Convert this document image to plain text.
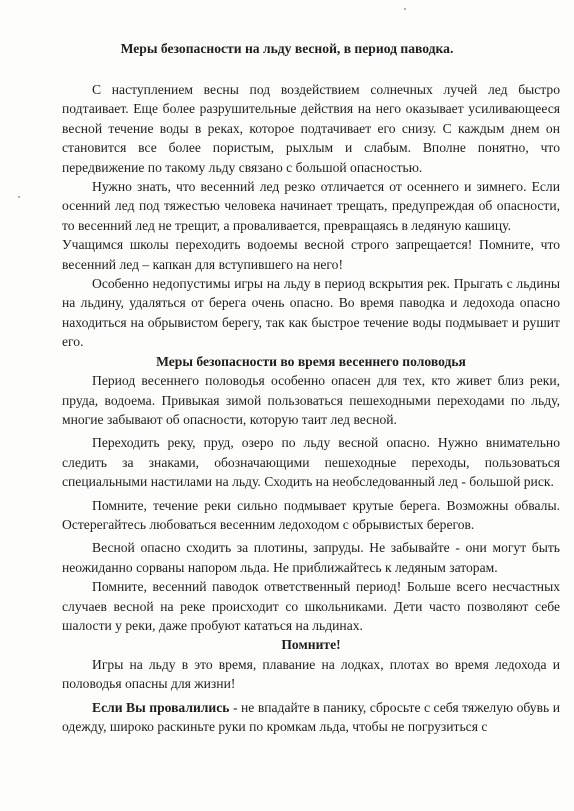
Меры безопасности на льду весной, в период паводка.

С наступлением весны под воздействием солнечных лучей лед быстро подтаивает. Еще более разрушительные действия на него оказывает усиливающееся весной течение воды в реках, которое подтачивает его снизу. С каждым днем он становится все более пористым, рыхлым и слабым. Вполне понятно, что передвижение по такому льду связано с большой опасностью.

Нужно знать, что весенний лед резко отличается от осеннего и зимнего. Если осенний лед под тяжестью человека начинает трещать, предупреждая об опасности, то весенний лед не трещит, а проваливается, превращаясь в ледяную кашицу.

Учащимся школы переходить водоемы весной строго запрещается! Помните, что весенний лед – капкан для вступившего на него!

Особенно недопустимы игры на льду в период вскрытия рек. Прыгать с льдины на льдину, удаляться от берега очень опасно. Во время паводка и ледохода опасно находиться на обрывистом берегу, так как быстрое течение воды подмывает и рушит его.

Меры безопасности во время весеннего половодья

Период весеннего половодья особенно опасен для тех, кто живет близ реки, пруда, водоема. Привыкая зимой пользоваться пешеходными переходами по льду, многие забывают об опасности, которую таит лед весной.

Переходить реку, пруд, озеро по льду весной опасно. Нужно внимательно следить за знаками, обозначающими пешеходные переходы, пользоваться специальными настилами на льду. Сходить на необследованный лед - большой риск.

Помните, течение реки сильно подмывает крутые берега. Возможны обвалы. Остерегайтесь любоваться весенним ледоходом с обрывистых берегов.

Весной опасно сходить за плотины, запруды. Не забывайте - они могут быть неожиданно сорваны напором льда. Не приближайтесь к ледяным заторам.

Помните, весенний паводок ответственный период! Больше всего несчастных случаев весной на реке происходит со школьниками. Дети часто позволяют себе шалости у реки, даже пробуют кататься на льдинах.

Помните!

Игры на льду в это время, плавание на лодках, плотах во время ледохода и половодья опасны для жизни!

Если Вы провалились - не впадайте в панику, сбросьте с себя тяжелую обувь и одежду, широко раскиньте руки по кромкам льда, чтобы не погрузиться с
